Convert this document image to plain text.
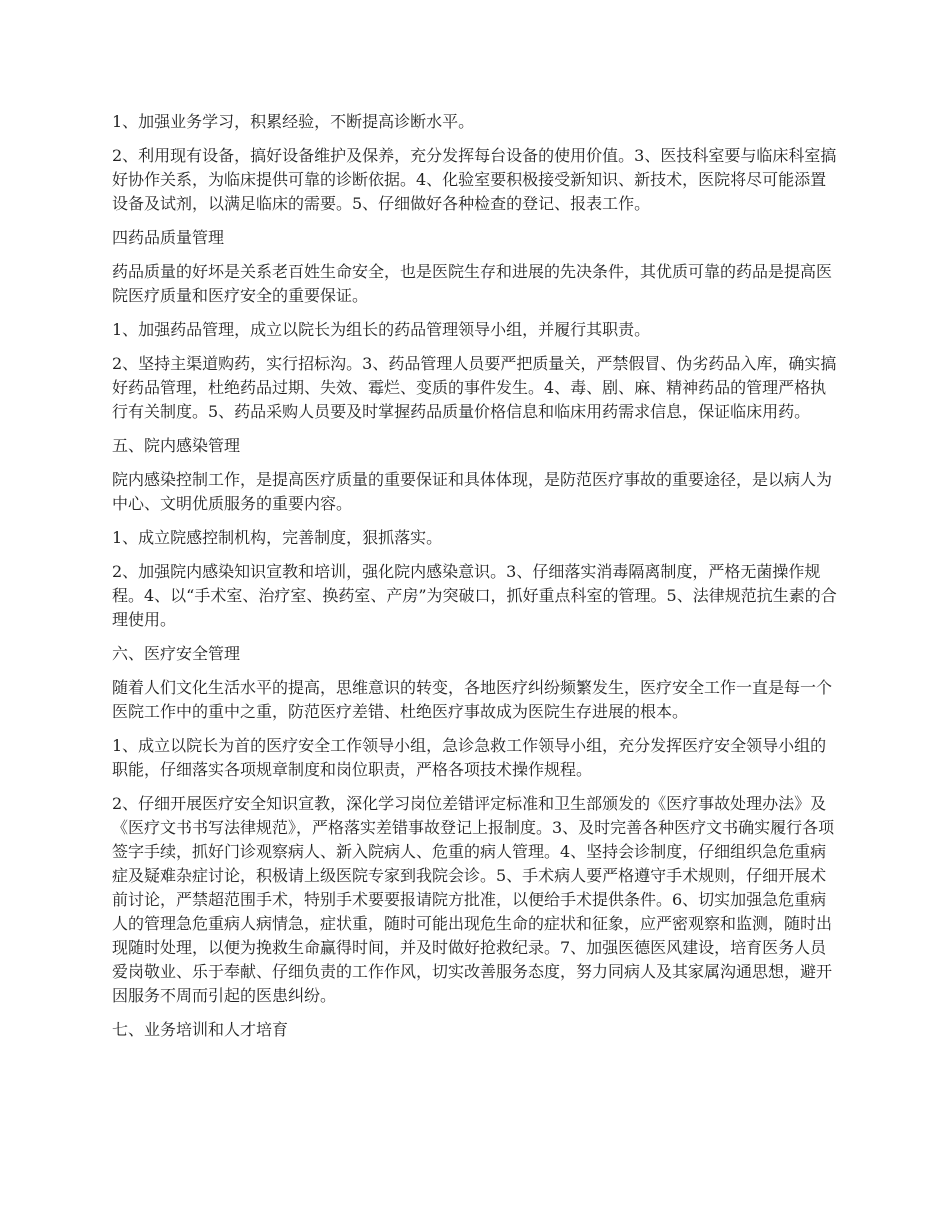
1、加强业务学习，积累经验，不断提高诊断水平。

2、利用现有设备，搞好设备维护及保养，充分发挥每台设备的使用价值。3、医技科室要与临床科室搞好协作关系，为临床提供可靠的诊断依据。4、化验室要积极接受新知识、新技术，医院将尽可能添置设备及试剂，以满足临床的需要。5、仔细做好各种检查的登记、报表工作。

四药品质量管理

药品质量的好坏是关系老百姓生命安全，也是医院生存和进展的先决条件，其优质可靠的药品是提高医院医疗质量和医疗安全的重要保证。

1、加强药品管理，成立以院长为组长的药品管理领导小组，并履行其职责。

2、坚持主渠道购药，实行招标沟。3、药品管理人员要严把质量关，严禁假冒、伪劣药品入库，确实搞好药品管理，杜绝药品过期、失效、霉烂、变质的事件发生。4、毒、剧、麻、精神药品的管理严格执行有关制度。5、药品采购人员要及时掌握药品质量价格信息和临床用药需求信息，保证临床用药。

五、院内感染管理

院内感染控制工作，是提高医疗质量的重要保证和具体体现，是防范医疗事故的重要途径，是以病人为中心、文明优质服务的重要内容。

1、成立院感控制机构，完善制度，狠抓落实。

2、加强院内感染知识宣教和培训，强化院内感染意识。3、仔细落实消毒隔离制度，严格无菌操作规程。4、以“手术室、治疗室、换药室、产房”为突破口，抓好重点科室的管理。5、法律规范抗生素的合理使用。

六、医疗安全管理

随着人们文化生活水平的提高，思维意识的转变，各地医疗纠纷频繁发生，医疗安全工作一直是每一个医院工作中的重中之重，防范医疗差错、杜绝医疗事故成为医院生存进展的根本。

1、成立以院长为首的医疗安全工作领导小组，急诊急救工作领导小组，充分发挥医疗安全领导小组的职能，仔细落实各项规章制度和岗位职责，严格各项技术操作规程。

2、仔细开展医疗安全知识宣教，深化学习岗位差错评定标准和卫生部颁发的《医疗事故处理办法》及《医疗文书书写法律规范》，严格落实差错事故登记上报制度。3、及时完善各种医疗文书确实履行各项签字手续，抓好门诊观察病人、新入院病人、危重的病人管理。4、坚持会诊制度，仔细组织急危重病症及疑难杂症讨论，积极请上级医院专家到我院会诊。5、手术病人要严格遵守手术规则，仔细开展术前讨论，严禁超范围手术，特别手术要要报请院方批准，以便给手术提供条件。6、切实加强急危重病人的管理急危重病人病情急，症状重，随时可能出现危生命的症状和征象，应严密观察和监测，随时出现随时处理，以便为挽救生命赢得时间，并及时做好抢救纪录。7、加强医德医风建设，培育医务人员爱岗敬业、乐于奉献、仔细负责的工作作风，切实改善服务态度，努力同病人及其家属沟通思想，避开因服务不周而引起的医患纠纷。

七、业务培训和人才培育
